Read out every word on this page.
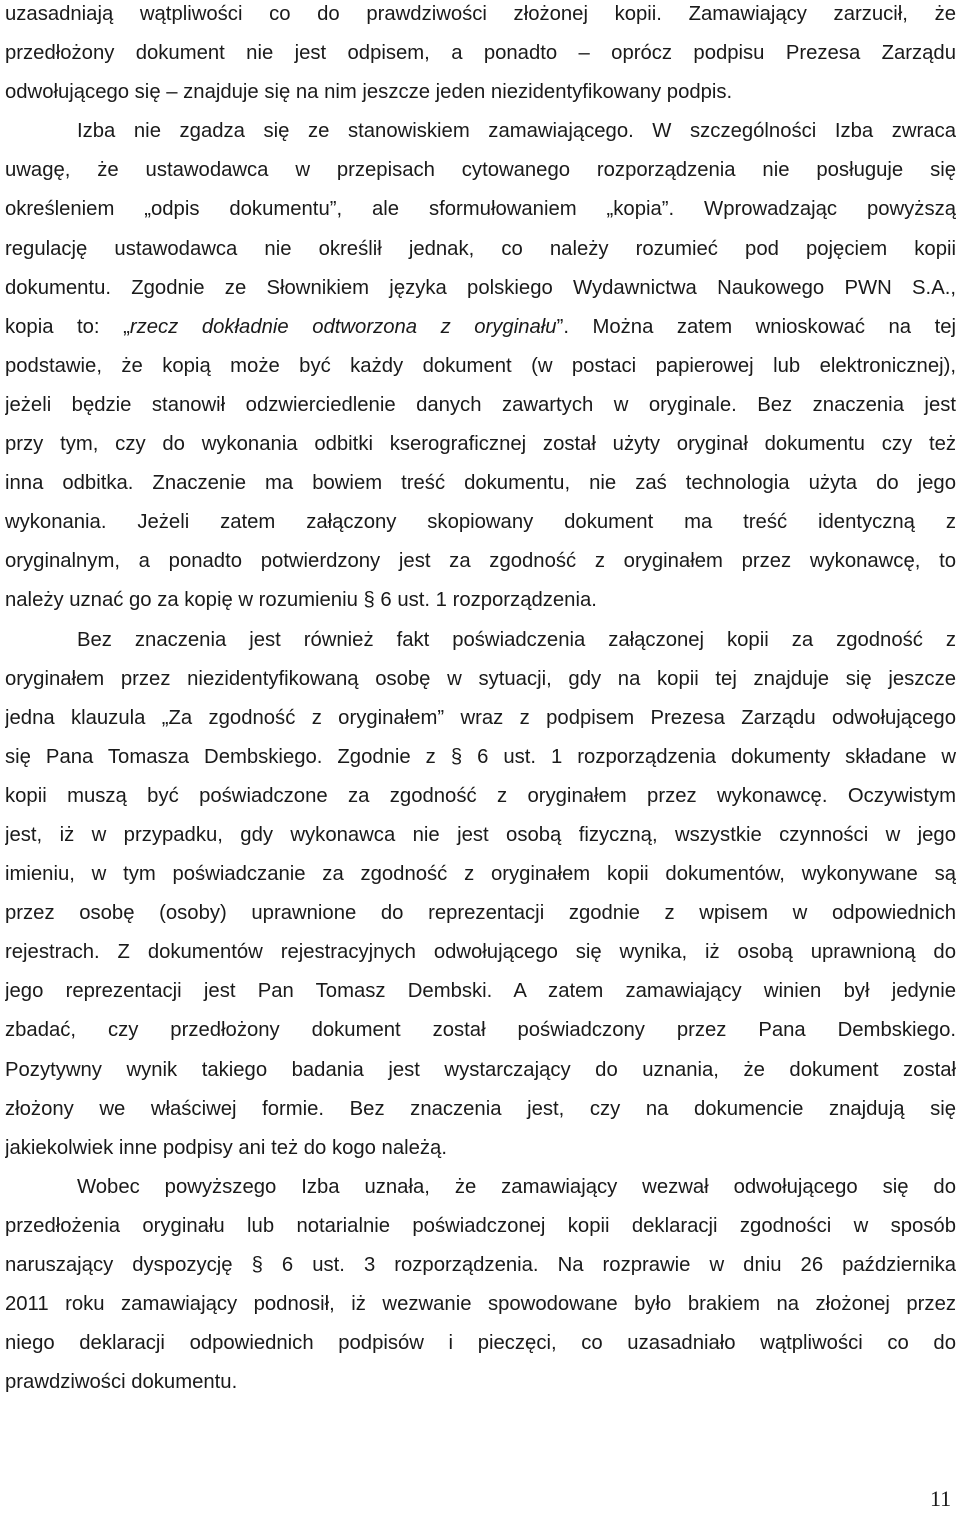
uzasadniają wątpliwości co do prawdziwości złożonej kopii. Zamawiający zarzucił, że
przedłożony dokument nie jest odpisem, a ponadto – oprócz podpisu Prezesa Zarządu
odwołującego się – znajduje się na nim jeszcze jeden niezidentyfikowany podpis.
Izba nie zgadza się ze stanowiskiem zamawiającego. W szczególności Izba zwraca
uwagę, że ustawodawca w przepisach cytowanego rozporządzenia nie posługuje się
określeniem „odpis dokumentu”, ale sformułowaniem „kopia”. Wprowadzając powyższą
regulację ustawodawca nie określił jednak, co należy rozumieć pod pojęciem kopii
dokumentu. Zgodnie ze Słownikiem języka polskiego Wydawnictwa Naukowego PWN S.A.,
kopia to: „rzecz dokładnie odtworzona z oryginału”. Można zatem wnioskować na tej
podstawie, że kopią może być każdy dokument (w postaci papierowej lub elektronicznej),
jeżeli będzie stanowił odzwierciedlenie danych zawartych w oryginale. Bez znaczenia jest
przy tym, czy do wykonania odbitki kserograficznej został użyty oryginał dokumentu czy też
inna odbitka. Znaczenie ma bowiem treść dokumentu, nie zaś technologia użyta do jego
wykonania. Jeżeli zatem załączony skopiowany dokument ma treść identyczną z
oryginalnym, a ponadto potwierdzony jest za zgodność z oryginałem przez wykonawcę, to
należy uznać go za kopię w rozumieniu § 6 ust. 1 rozporządzenia.
Bez znaczenia jest również fakt poświadczenia załączonej kopii za zgodność z
oryginałem przez niezidentyfikowaną osobę w sytuacji, gdy na kopii tej znajduje się jeszcze
jedna klauzula „Za zgodność z oryginałem” wraz z podpisem Prezesa Zarządu odwołującego
się Pana Tomasza Dembskiego. Zgodnie z § 6 ust. 1 rozporządzenia dokumenty składane w
kopii muszą być poświadczone za zgodność z oryginałem przez wykonawcę. Oczywistym
jest, iż w przypadku, gdy wykonawca nie jest osobą fizyczną, wszystkie czynności w jego
imieniu, w tym poświadczanie za zgodność z oryginałem kopii dokumentów, wykonywane są
przez osobę (osoby) uprawnione do reprezentacji zgodnie z wpisem w odpowiednich
rejestrach. Z dokumentów rejestracyjnych odwołującego się wynika, iż osobą uprawnioną do
jego reprezentacji jest Pan Tomasz Dembski. A zatem zamawiający winien był jedynie
zbadać, czy przedłożony dokument został poświadczony przez Pana Dembskiego.
Pozytywny wynik takiego badania jest wystarczający do uznania, że dokument został
złożony we właściwej formie. Bez znaczenia jest, czy na dokumencie znajdują się
jakiekolwiek inne podpisy ani też do kogo należą.
Wobec powyższego Izba uznała, że zamawiający wezwał odwołującego się do
przedłożenia oryginału lub notarialnie poświadczonej kopii deklaracji zgodności w sposób
naruszający dyspozycję § 6 ust. 3 rozporządzenia. Na rozprawie w dniu 26 października
2011 roku zamawiający podnosił, iż wezwanie spowodowane było brakiem na złożonej przez
niego deklaracji odpowiednich podpisów i pieczęci, co uzasadniało wątpliwości co do
prawdziwości dokumentu.
11
